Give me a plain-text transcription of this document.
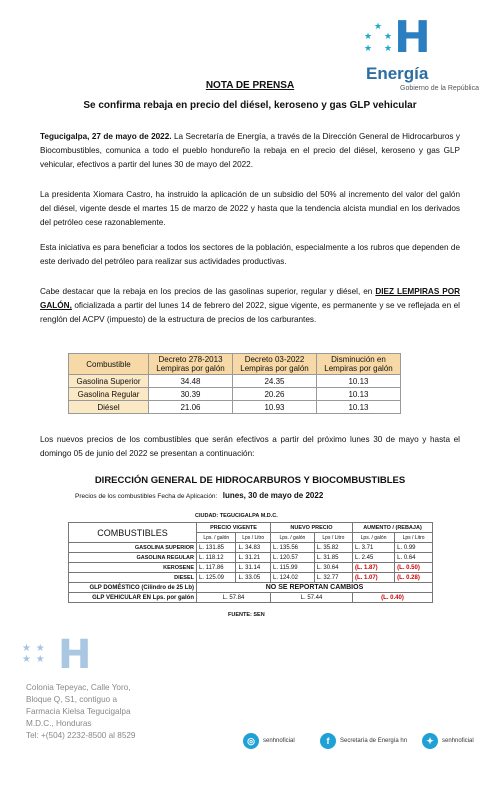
★
★ ★
★ ★ H
Energía
Gobierno de la República
NOTA DE PRENSA
Se confirma rebaja en precio del diésel, keroseno y gas GLP vehicular
Tegucigalpa, 27 de mayo de 2022. La Secretaría de Energía, a través de la Dirección General de Hidrocarburos y Biocombustibles, comunica a todo el pueblo hondureño la rebaja en el precio del diésel, keroseno y gas GLP vehicular, efectivos a partir del lunes 30 de mayo del 2022.
La presidenta Xiomara Castro, ha instruido la aplicación de un subsidio del 50% al incremento del valor del galón del diésel, vigente desde el martes 15 de marzo de 2022 y hasta que la tendencia alcista mundial en los derivados del petróleo cese razonablemente.
Esta iniciativa es para beneficiar a todos los sectores de la población, especialmente a los rubros que dependen de este derivado del petróleo para realizar sus actividades productivas.
Cabe destacar que la rebaja en los precios de las gasolinas superior, regular y diésel, en DIEZ LEMPIRAS POR GALÓN, oficializada a partir del lunes 14 de febrero del 2022, sigue vigente, es permanente y se ve reflejada en el renglón del ACPV (impuesto) de la estructura de precios de los carburantes.
Combustible	Decreto 278-2013 Lempiras por galón	Decreto 03-2022 Lempiras por galón	Disminución en Lempiras por galón
Gasolina Superior	34.48	24.35	10.13
Gasolina Regular	30.39	20.26	10.13
Diésel	21.06	10.93	10.13
Los nuevos precios de los combustibles que serán efectivos a partir del próximo lunes 30 de mayo y hasta el domingo 05 de junio del 2022 se presentan a continuación:
DIRECCIÓN GENERAL DE HIDROCARBUROS Y BIOCOMBUSTIBLES
Precios de los combustibles Fecha de Aplicación: lunes, 30 de mayo de 2022
CIUDAD: TEGUCIGALPA M.D.C.
COMBUSTIBLES	PRECIO VIGENTE		NUEVO PRECIO		AUMENTO / (REBAJA)	
	Lps. / galón	Lps / Litro	Lps. / galón	Lps / Litro	Lps. / galón	Lps / Litro
GASOLINA SUPERIOR	L. 131.85	L. 34.83	L. 135.56	L. 35.82	L. 3.71	L. 0.99
GASOLINA REGULAR	L. 118.12	L. 31.21	L. 120.57	L. 31.85	L. 2.45	L. 0.64
KEROSENE	L. 117.86	L. 31.14	L. 115.99	L. 30.64	(L. 1.87)	(L. 0.50)
DIESEL	L. 125.09	L. 33.05	L. 124.02	L. 32.77	(L. 1.07)	(L. 0.28)
GLP DOMÉSTICO (Cilindro de 25 Lb)	NO SE REPORTAN CAMBIOS					
GLP VEHICULAR EN Lps. por galón	L. 57.84		L. 57.44		(L. 0.40)	
FUENTE: SEN
★ ★
★ ★ H
Colonia Tepeyac, Calle Yoro,
Bloque Q, S1, contiguo a
Farmacia Kielsa Tegucigalpa
M.D.C., Honduras
Tel: +(504) 2232-8500 al 8529
◎	senhnoficial	f	Secretaría de Energía hn	✦	senhnoficial
